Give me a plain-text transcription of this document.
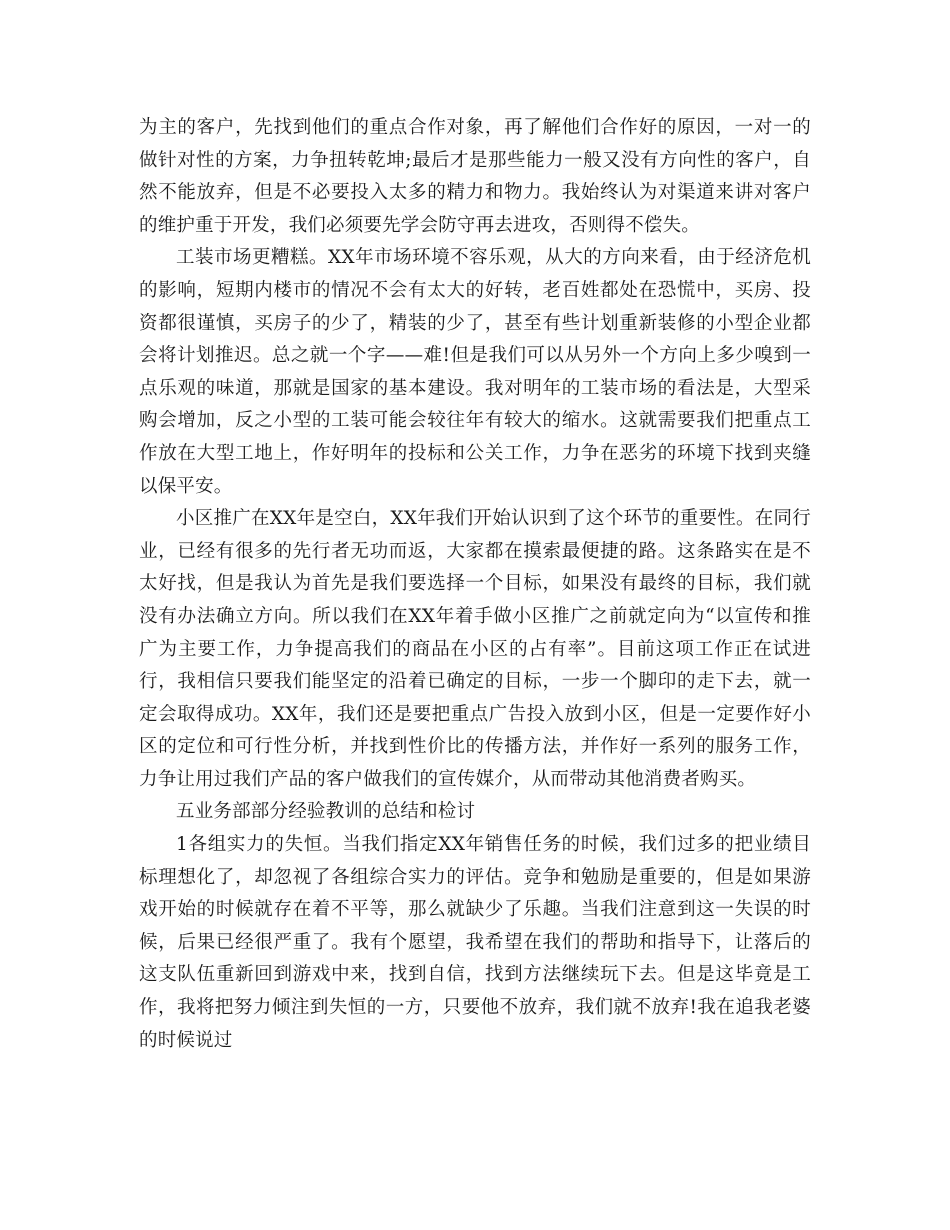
为主的客户，先找到他们的重点合作对象，再了解他们合作好的原因，一对一的做针对性的方案，力争扭转乾坤;最后才是那些能力一般又没有方向性的客户，自然不能放弃，但是不必要投入太多的精力和物力。我始终认为对渠道来讲对客户的维护重于开发，我们必须要先学会防守再去进攻，否则得不偿失。

工装市场更糟糕。XX年市场环境不容乐观，从大的方向来看，由于经济危机的影响，短期内楼市的情况不会有太大的好转，老百姓都处在恐慌中，买房、投资都很谨慎，买房子的少了，精装的少了，甚至有些计划重新装修的小型企业都会将计划推迟。总之就一个字——难!但是我们可以从另外一个方向上多少嗅到一点乐观的味道，那就是国家的基本建设。我对明年的工装市场的看法是，大型采购会增加，反之小型的工装可能会较往年有较大的缩水。这就需要我们把重点工作放在大型工地上，作好明年的投标和公关工作，力争在恶劣的环境下找到夹缝以保平安。

小区推广在XX年是空白，XX年我们开始认识到了这个环节的重要性。在同行业，已经有很多的先行者无功而返，大家都在摸索最便捷的路。这条路实在是不太好找，但是我认为首先是我们要选择一个目标，如果没有最终的目标，我们就没有办法确立方向。所以我们在XX年着手做小区推广之前就定向为“以宣传和推广为主要工作，力争提高我们的商品在小区的占有率”。目前这项工作正在试进行，我相信只要我们能坚定的沿着已确定的目标，一步一个脚印的走下去，就一定会取得成功。XX年，我们还是要把重点广告投入放到小区，但是一定要作好小区的定位和可行性分析，并找到性价比的传播方法，并作好一系列的服务工作，力争让用过我们产品的客户做我们的宣传媒介，从而带动其他消费者购买。

五业务部部分经验教训的总结和检讨

1各组实力的失恒。当我们指定XX年销售任务的时候，我们过多的把业绩目标理想化了，却忽视了各组综合实力的评估。竞争和勉励是重要的，但是如果游戏开始的时候就存在着不平等，那么就缺少了乐趣。当我们注意到这一失误的时候，后果已经很严重了。我有个愿望，我希望在我们的帮助和指导下，让落后的这支队伍重新回到游戏中来，找到自信，找到方法继续玩下去。但是这毕竟是工作，我将把努力倾注到失恒的一方，只要他不放弃，我们就不放弃!我在追我老婆的时候说过
